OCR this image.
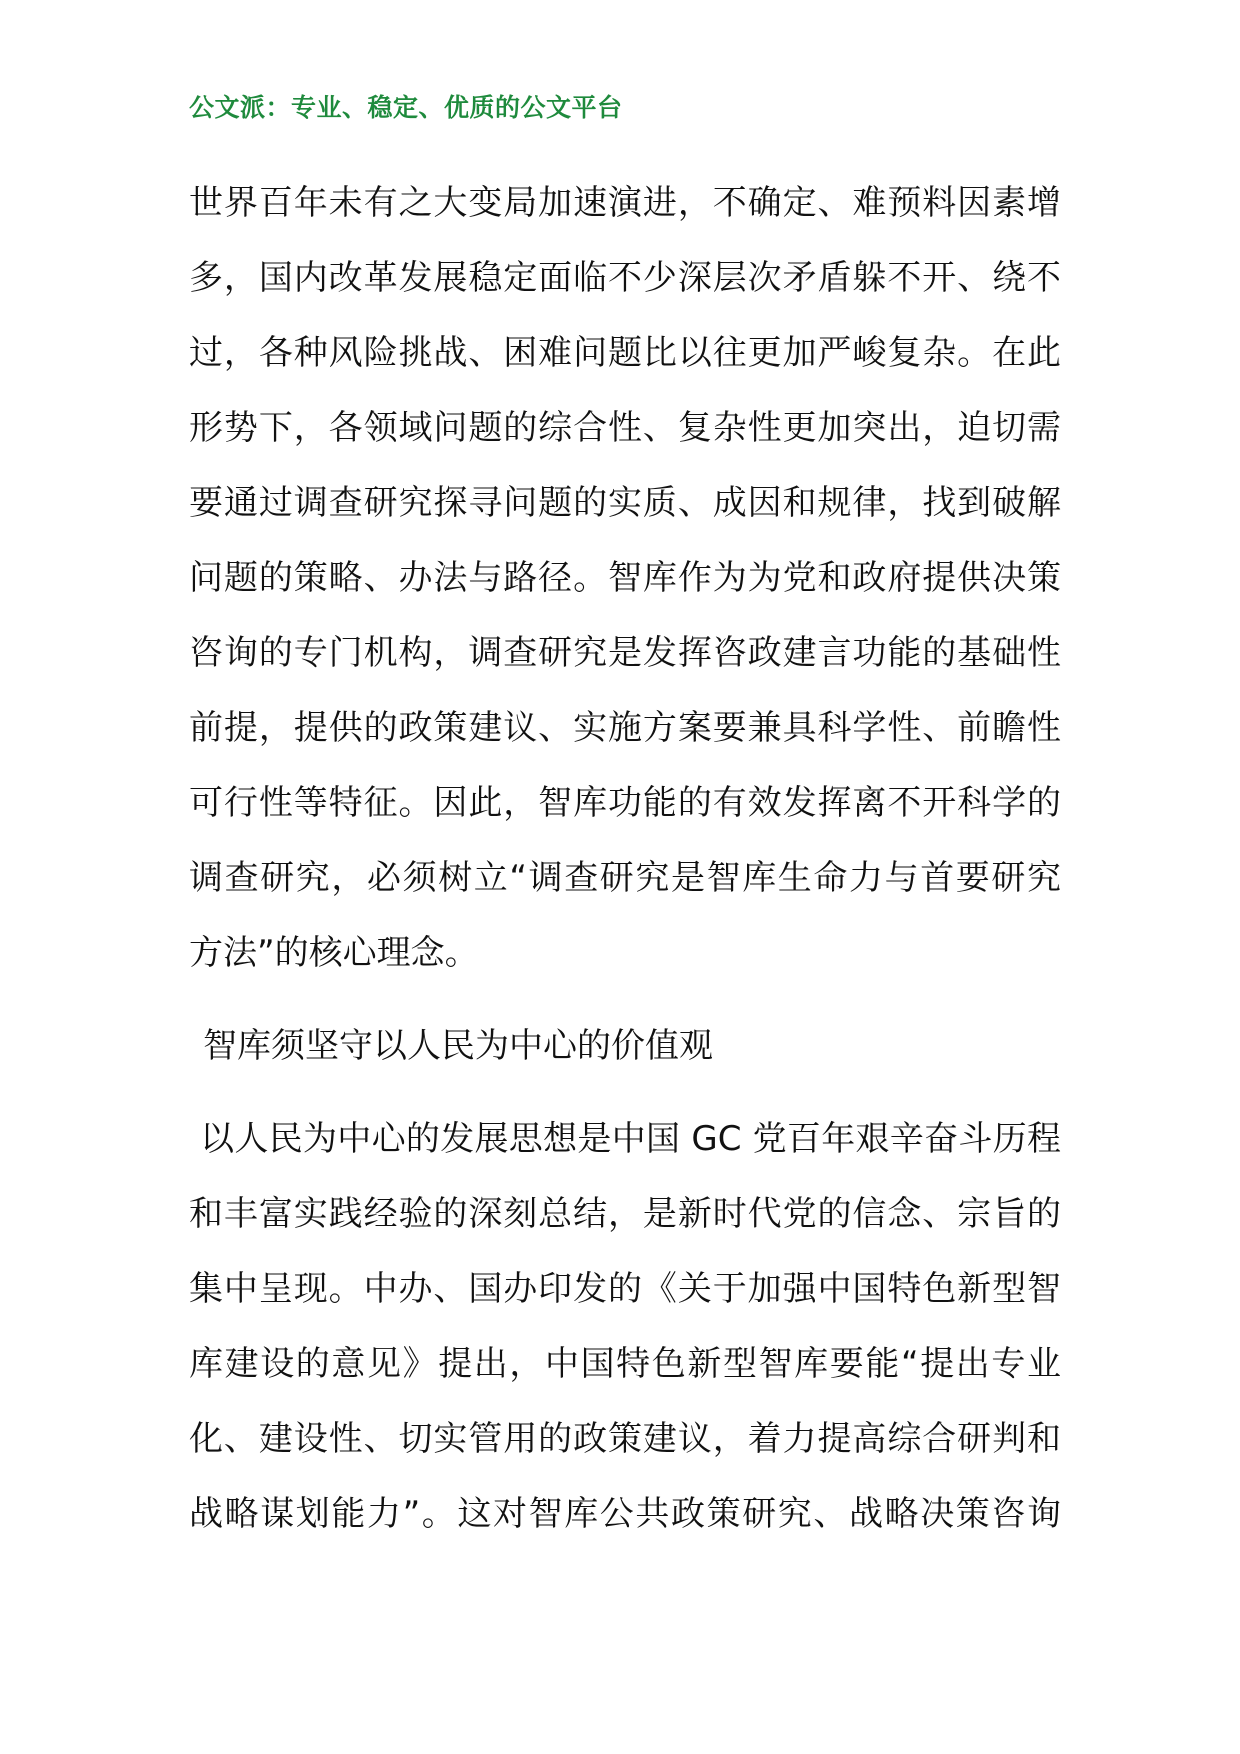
公文派：专业、稳定、优质的公文平台
世界百年未有之大变局加速演进，不确定、难预料因素增
多，国内改革发展稳定面临不少深层次矛盾躲不开、绕不
过，各种风险挑战、困难问题比以往更加严峻复杂。在此
形势下，各领域问题的综合性、复杂性更加突出，迫切需
要通过调查研究探寻问题的实质、成因和规律，找到破解
问题的策略、办法与路径。智库作为为党和政府提供决策
咨询的专门机构，调查研究是发挥咨政建言功能的基础性
前提，提供的政策建议、实施方案要兼具科学性、前瞻性
可行性等特征。因此，智库功能的有效发挥离不开科学的
调查研究，必须树立“调查研究是智库生命力与首要研究
方法”的核心理念。
智库须坚守以人民为中心的价值观
以人民为中心的发展思想是中国 GC 党百年艰辛奋斗历程
和丰富实践经验的深刻总结，是新时代党的信念、宗旨的
集中呈现。中办、国办印发的《关于加强中国特色新型智
库建设的意见》提出，中国特色新型智库要能“提出专业
化、建设性、切实管用的政策建议，着力提高综合研判和
战略谋划能力”。这对智库公共政策研究、战略决策咨询
